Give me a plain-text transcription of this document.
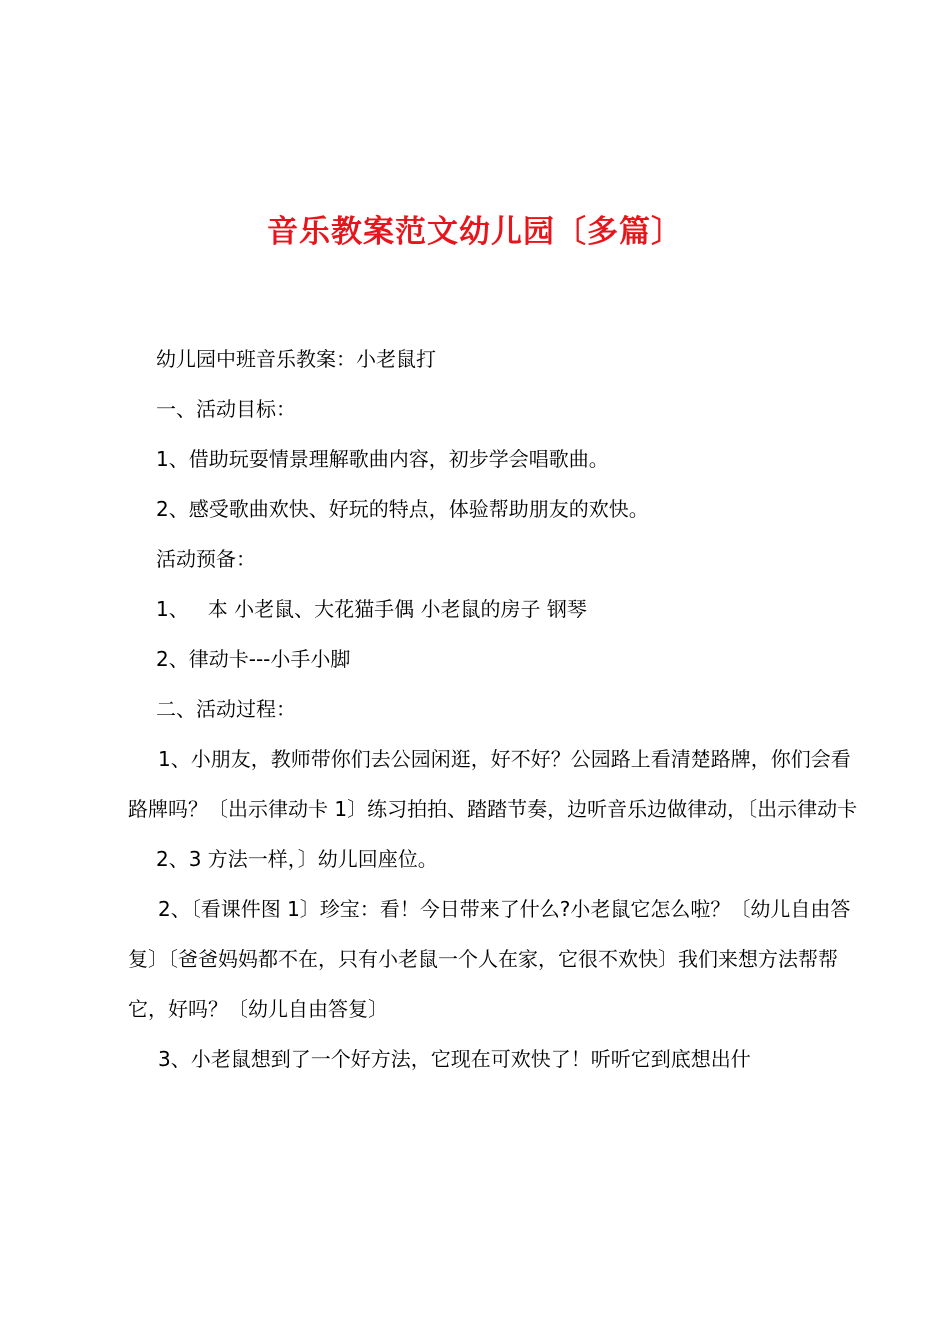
音乐教案范文幼儿园〔多篇〕

幼儿园中班音乐教案：小老鼠打

一、活动目标：

1、借助玩耍情景理解歌曲内容，初步学会唱歌曲。

2、感受歌曲欢快、好玩的特点，体验帮助朋友的欢快。

活动预备：

1、   本 小老鼠、大花猫手偶 小老鼠的房子 钢琴

2、律动卡---小手小脚

二、活动过程：

1、小朋友，教师带你们去公园闲逛，好不好？公园路上看清楚路牌，你们会看路牌吗？〔出示律动卡 1〕练习拍拍、踏踏节奏，边听音乐边做律动，〔出示律动卡

2、3 方法一样，〕幼儿回座位。

2、〔看课件图 1〕珍宝：看！今日带来了什么?小老鼠它怎么啦？〔幼儿自由答复〕〔爸爸妈妈都不在，只有小老鼠一个人在家，它很不欢快〕我们来想方法帮帮它，好吗？〔幼儿自由答复〕

3、小老鼠想到了一个好方法，它现在可欢快了！听听它到底想出什
